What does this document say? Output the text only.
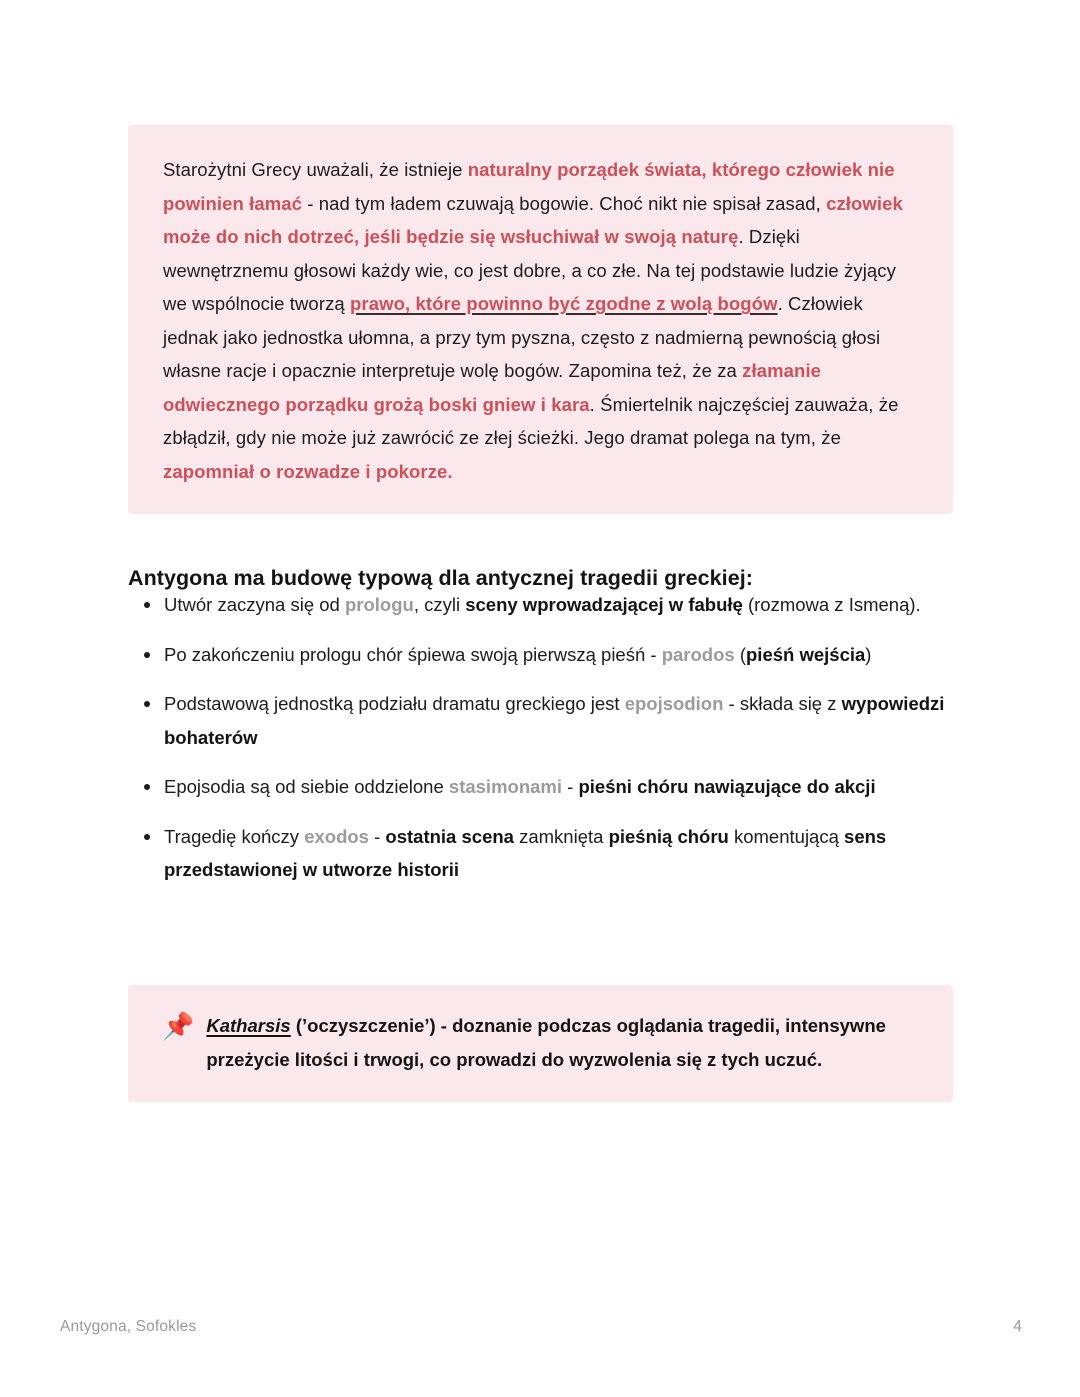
Starożytni Grecy uważali, że istnieje naturalny porządek świata, którego człowiek nie powinien łamać - nad tym ładem czuwają bogowie. Choć nikt nie spisał zasad, człowiek może do nich dotrzeć, jeśli będzie się wsłuchiwał w swoją naturę. Dzięki wewnętrznemu głosowi każdy wie, co jest dobre, a co złe. Na tej podstawie ludzie żyjący we wspólnocie tworzą prawo, które powinno być zgodne z wolą bogów. Człowiek jednak jako jednostka ułomna, a przy tym pyszna, często z nadmierną pewnością głosi własne racje i opacznie interpretuje wolę bogów. Zapomina też, że za złamanie odwiecznego porządku grożą boski gniew i kara. Śmiertelnik najczęściej zauważa, że zbłądził, gdy nie może już zawrócić ze złej ścieżki. Jego dramat polega na tym, że zapomniał o rozwadze i pokorze.

Antygona ma budowę typową dla antycznej tragedii greckiej:
Utwór zaczyna się od prologu, czyli sceny wprowadzającej w fabułę (rozmowa z Ismeną).
Po zakończeniu prologu chór śpiewa swoją pierwszą pieśń - parodos (pieśń wejścia)
Podstawową jednostką podziału dramatu greckiego jest epojsodion - składa się z wypowiedzi bohaterów
Epojsodia są od siebie oddzielone stasimonami - pieśni chóru nawiązujące do akcji
Tragedię kończy exodos - ostatnia scena zamknięta pieśnią chóru komentującą sens przedstawionej w utworze historii
📌 Katharsis (’oczyszczenie’) - doznanie podczas oglądania tragedii, intensywne przeżycie litości i trwogi, co prowadzi do wyzwolenia się z tych uczuć.

Antygona, Sofokles	4
